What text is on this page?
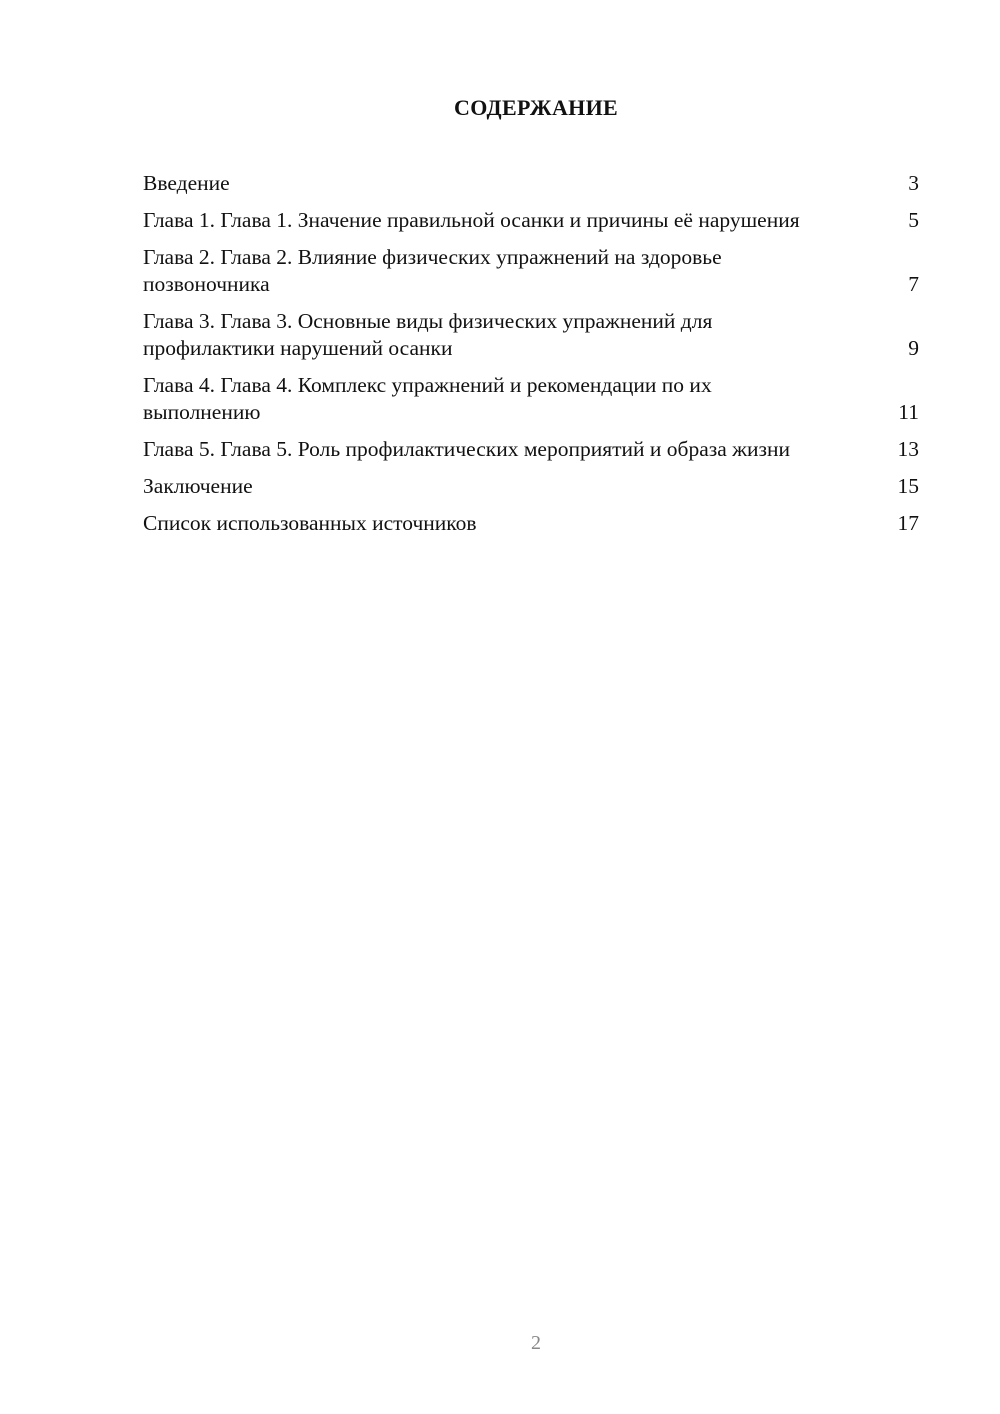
СОДЕРЖАНИЕ
Введение	3
Глава 1. Глава 1. Значение правильной осанки и причины её нарушения	5
Глава 2. Глава 2. Влияние физических упражнений на здоровье позвоночника	7
Глава 3. Глава 3. Основные виды физических упражнений для профилактики нарушений осанки	9
Глава 4. Глава 4. Комплекс упражнений и рекомендации по их выполнению	11
Глава 5. Глава 5. Роль профилактических мероприятий и образа жизни	13
Заключение	15
Список использованных источников	17
2
